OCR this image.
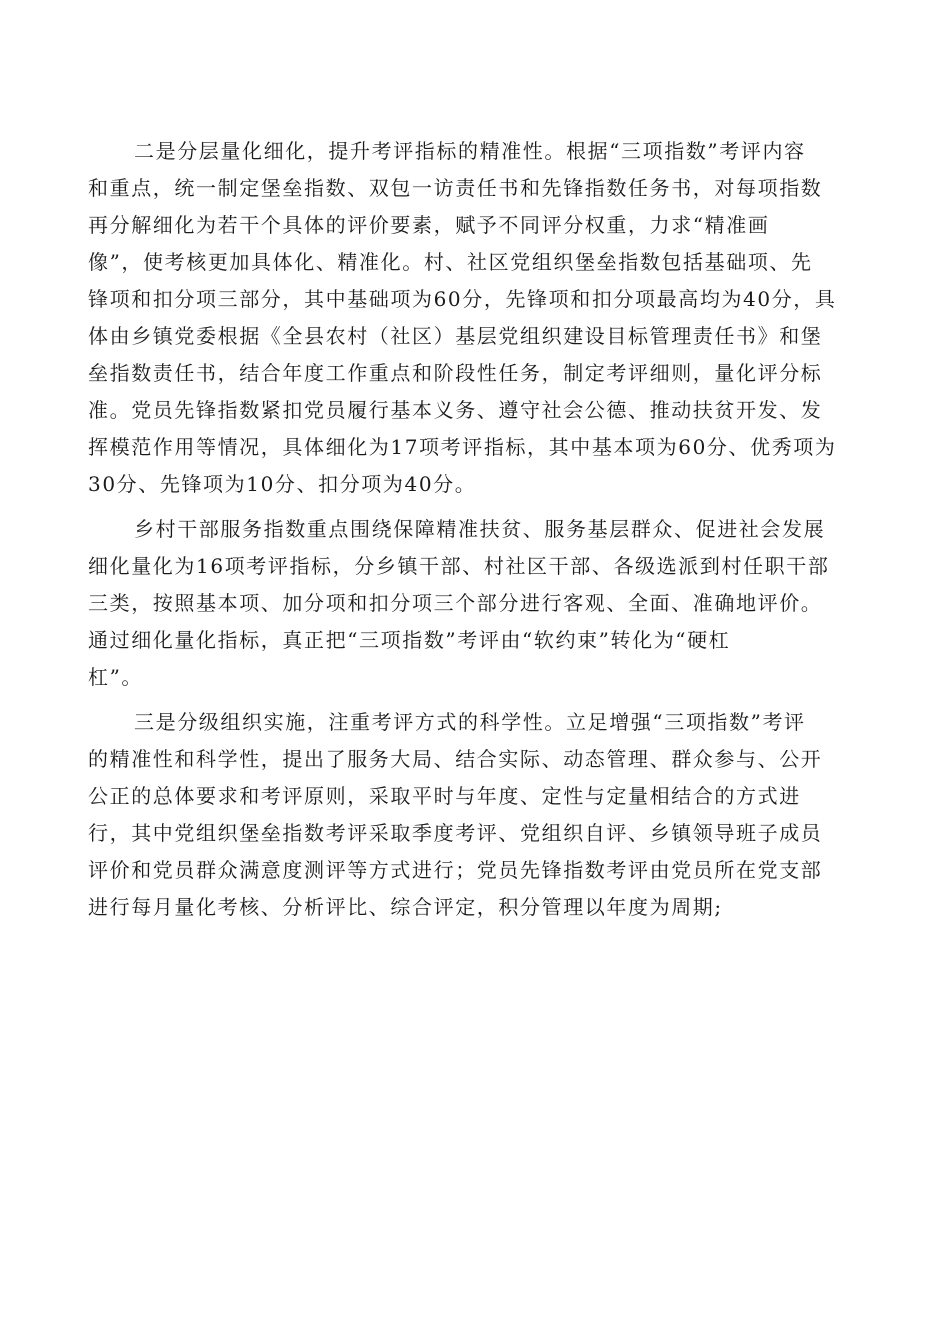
二是分层量化细化，提升考评指标的精准性。根据“三项指数”考评内容
和重点，统一制定堡垒指数、双包一访责任书和先锋指数任务书，对每项指数
再分解细化为若干个具体的评价要素，赋予不同评分权重，力求“精准画
像”，使考核更加具体化、精准化。村、社区党组织堡垒指数包括基础项、先
锋项和扣分项三部分，其中基础项为60分，先锋项和扣分项最高均为40分，具
体由乡镇党委根据《全县农村（社区）基层党组织建设目标管理责任书》和堡
垒指数责任书，结合年度工作重点和阶段性任务，制定考评细则，量化评分标
准。党员先锋指数紧扣党员履行基本义务、遵守社会公德、推动扶贫开发、发
挥模范作用等情况，具体细化为17项考评指标，其中基本项为60分、优秀项为
30分、先锋项为10分、扣分项为40分。
乡村干部服务指数重点围绕保障精准扶贫、服务基层群众、促进社会发展
细化量化为16项考评指标，分乡镇干部、村社区干部、各级选派到村任职干部
三类，按照基本项、加分项和扣分项三个部分进行客观、全面、准确地评价。
通过细化量化指标，真正把“三项指数”考评由“软约束”转化为“硬杠
杠”。
三是分级组织实施，注重考评方式的科学性。立足增强“三项指数”考评
的精准性和科学性，提出了服务大局、结合实际、动态管理、群众参与、公开
公正的总体要求和考评原则，采取平时与年度、定性与定量相结合的方式进
行，其中党组织堡垒指数考评采取季度考评、党组织自评、乡镇领导班子成员
评价和党员群众满意度测评等方式进行；党员先锋指数考评由党员所在党支部
进行每月量化考核、分析评比、综合评定，积分管理以年度为周期;
